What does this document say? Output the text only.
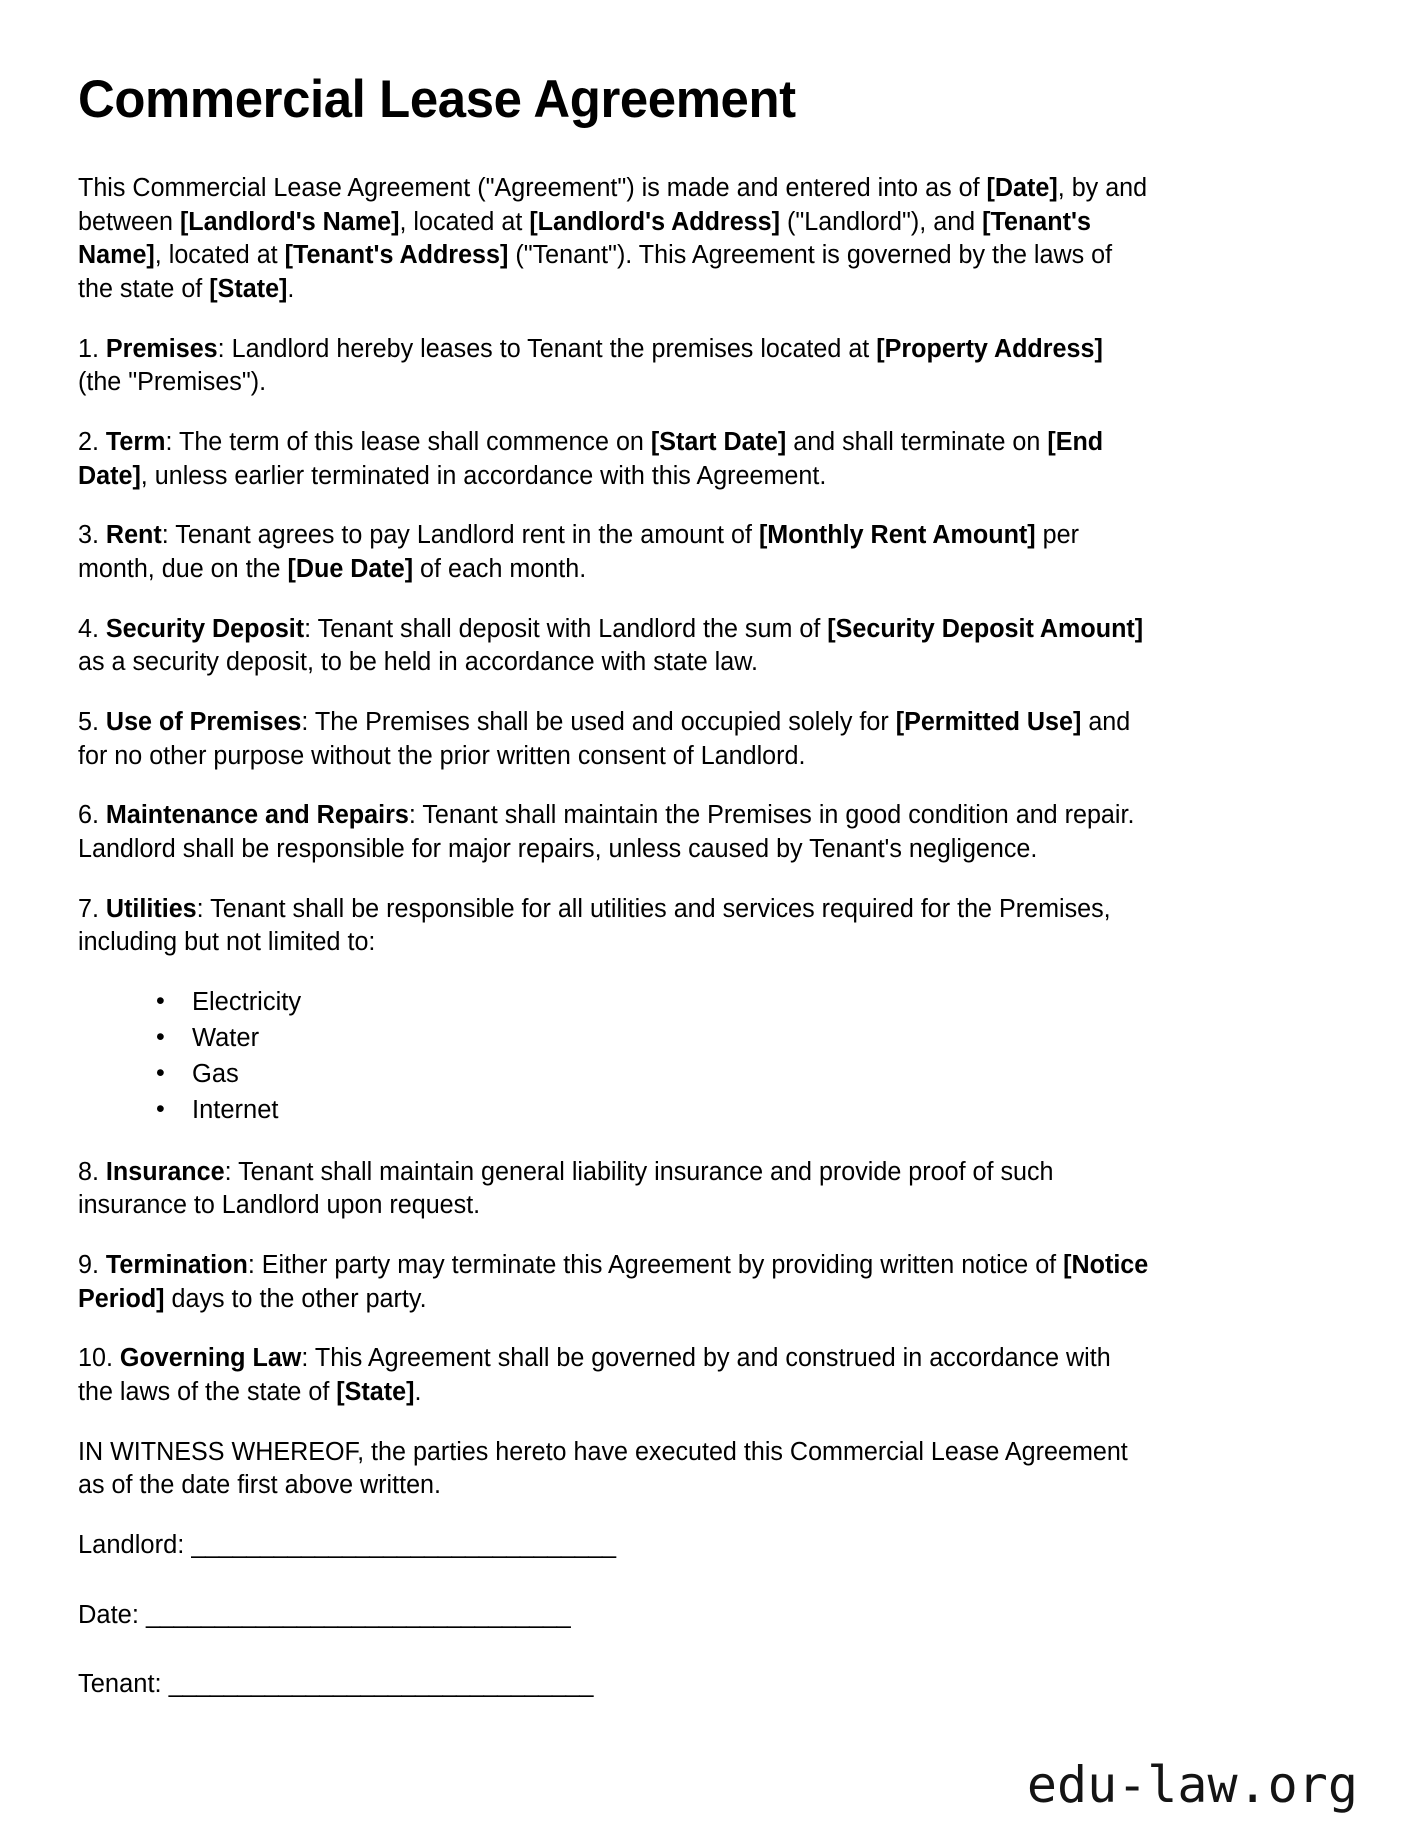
Commercial Lease Agreement

This Commercial Lease Agreement ("Agreement") is made and entered into as of [Date], by and between [Landlord's Name], located at [Landlord's Address] ("Landlord"), and [Tenant's Name], located at [Tenant's Address] ("Tenant"). This Agreement is governed by the laws of the state of [State].

1. Premises: Landlord hereby leases to Tenant the premises located at [Property Address] (the "Premises").

2. Term: The term of this lease shall commence on [Start Date] and shall terminate on [End Date], unless earlier terminated in accordance with this Agreement.

3. Rent: Tenant agrees to pay Landlord rent in the amount of [Monthly Rent Amount] per month, due on the [Due Date] of each month.

4. Security Deposit: Tenant shall deposit with Landlord the sum of [Security Deposit Amount] as a security deposit, to be held in accordance with state law.

5. Use of Premises: The Premises shall be used and occupied solely for [Permitted Use] and for no other purpose without the prior written consent of Landlord.

6. Maintenance and Repairs: Tenant shall maintain the Premises in good condition and repair. Landlord shall be responsible for major repairs, unless caused by Tenant's negligence.

7. Utilities: Tenant shall be responsible for all utilities and services required for the Premises, including but not limited to:

• Electricity
• Water
• Gas
• Internet

8. Insurance: Tenant shall maintain general liability insurance and provide proof of such insurance to Landlord upon request.

9. Termination: Either party may terminate this Agreement by providing written notice of [Notice Period] days to the other party.

10. Governing Law: This Agreement shall be governed by and construed in accordance with the laws of the state of [State].

IN WITNESS WHEREOF, the parties hereto have executed this Commercial Lease Agreement as of the date first above written.

Landlord: _______________________________
Date: _______________________________
Tenant: _______________________________
edu-law.org
